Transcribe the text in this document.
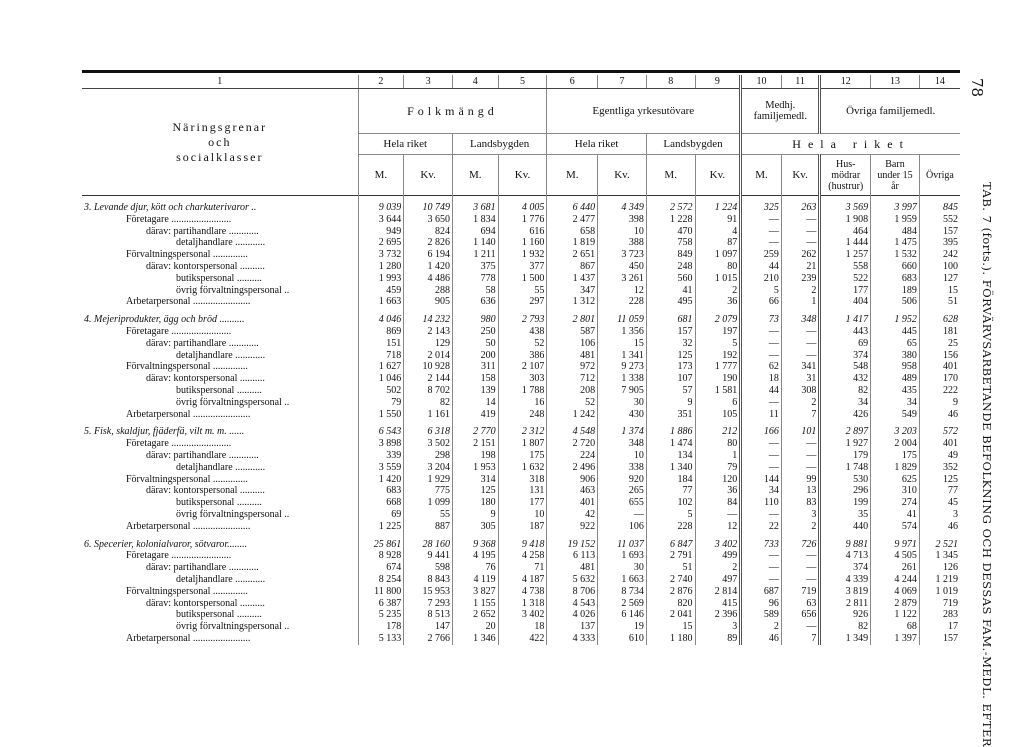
78
TAB. 7 (forts.). FÖRVÄRVSARBETANDE BEFOLKNING OCH DESSAS FAM.-MEDL. EFTER
1	2	3	4	5	6	7	8	9	10	11	12	13	14

Näringsgrenar
och
socialklasser	Folkmängd				Egentliga yrkesutövare				Medhj. familjemedl.		Övriga familjemedl.		
	Hela riket		Landsbygden		Hela riket		Landsbygden		Hela riket				
	M.	Kv.	M.	Kv.	M.	Kv.	M.	Kv.	M.	Kv.	Hus-mödrar (hustrur)	Barn under 15 år	Övriga
3. Levande djur, kött och charkuterivaror ..	9 039	10 749	3 681	4 005	6 440	4 349	2 572	1 224	325	263	3 569	3 997	845
Företagare ........................	3 644	3 650	1 834	1 776	2 477	398	1 228	91	—	—	1 908	1 959	552
därav: partihandlare ............	949	824	694	616	658	10	470	4	—	—	464	484	157
detaljhandlare ............	2 695	2 826	1 140	1 160	1 819	388	758	87	—	—	1 444	1 475	395
Förvaltningspersonal ..............	3 732	6 194	1 211	1 932	2 651	3 723	849	1 097	259	262	1 257	1 532	242
därav: kontorspersonal ..........	1 280	1 420	375	377	867	450	248	80	44	21	558	660	100
butikspersonal ..........	1 993	4 486	778	1 500	1 437	3 261	560	1 015	210	239	522	683	127
övrig förvaltningspersonal ..	459	288	58	55	347	12	41	2	5	2	177	189	15
Arbetarpersonal .......................	1 663	905	636	297	1 312	228	495	36	66	1	404	506	51
4. Mejeriprodukter, ägg och bröd ..........	4 046	14 232	980	2 793	2 801	11 059	681	2 079	73	348	1 417	1 952	628
Företagare ........................	869	2 143	250	438	587	1 356	157	197	—	—	443	445	181
därav: partihandlare ............	151	129	50	52	106	15	32	5	—	—	69	65	25
detaljhandlare ............	718	2 014	200	386	481	1 341	125	192	—	—	374	380	156
Förvaltningspersonal ..............	1 627	10 928	311	2 107	972	9 273	173	1 777	62	341	548	958	401
därav: kontorspersonal ..........	1 046	2 144	158	303	712	1 338	107	190	18	31	432	489	170
butikspersonal ..........	502	8 702	139	1 788	208	7 905	57	1 581	44	308	82	435	222
övrig förvaltningspersonal ..	79	82	14	16	52	30	9	6	—	2	34	34	9
Arbetarpersonal .......................	1 550	1 161	419	248	1 242	430	351	105	11	7	426	549	46
5. Fisk, skaldjur, fjäderfä, vilt m. m. ......	6 543	6 318	2 770	2 312	4 548	1 374	1 886	212	166	101	2 897	3 203	572
Företagare ........................	3 898	3 502	2 151	1 807	2 720	348	1 474	80	—	—	1 927	2 004	401
därav: partihandlare ............	339	298	198	175	224	10	134	1	—	—	179	175	49
detaljhandlare ............	3 559	3 204	1 953	1 632	2 496	338	1 340	79	—	—	1 748	1 829	352
Förvaltningspersonal ..............	1 420	1 929	314	318	906	920	184	120	144	99	530	625	125
därav: kontorspersonal ..........	683	775	125	131	463	265	77	36	34	13	296	310	77
butikspersonal ..........	668	1 099	180	177	401	655	102	84	110	83	199	274	45
övrig förvaltningspersonal ..	69	55	9	10	42	—	5	—	—	3	35	41	3
Arbetarpersonal .......................	1 225	887	305	187	922	106	228	12	22	2	440	574	46
6. Specerier, kolonialvaror, sötvaror........	25 861	28 160	9 368	9 418	19 152	11 037	6 847	3 402	733	726	9 881	9 971	2 521
Företagare ........................	8 928	9 441	4 195	4 258	6 113	1 693	2 791	499	—	—	4 713	4 505	1 345
därav: partihandlare ............	674	598	76	71	481	30	51	2	—	—	374	261	126
detaljhandlare ............	8 254	8 843	4 119	4 187	5 632	1 663	2 740	497	—	—	4 339	4 244	1 219
Förvaltningspersonal ..............	11 800	15 953	3 827	4 738	8 706	8 734	2 876	2 814	687	719	3 819	4 069	1 019
därav: kontorspersonal ..........	6 387	7 293	1 155	1 318	4 543	2 569	820	415	96	63	2 811	2 879	719
butikspersonal ..........	5 235	8 513	2 652	3 402	4 026	6 146	2 041	2 396	589	656	926	1 122	283
övrig förvaltningspersonal ..	178	147	20	18	137	19	15	3	2	—	82	68	17
Arbetarpersonal .......................	5 133	2 766	1 346	422	4 333	610	1 180	89	46	7	1 349	1 397	157
